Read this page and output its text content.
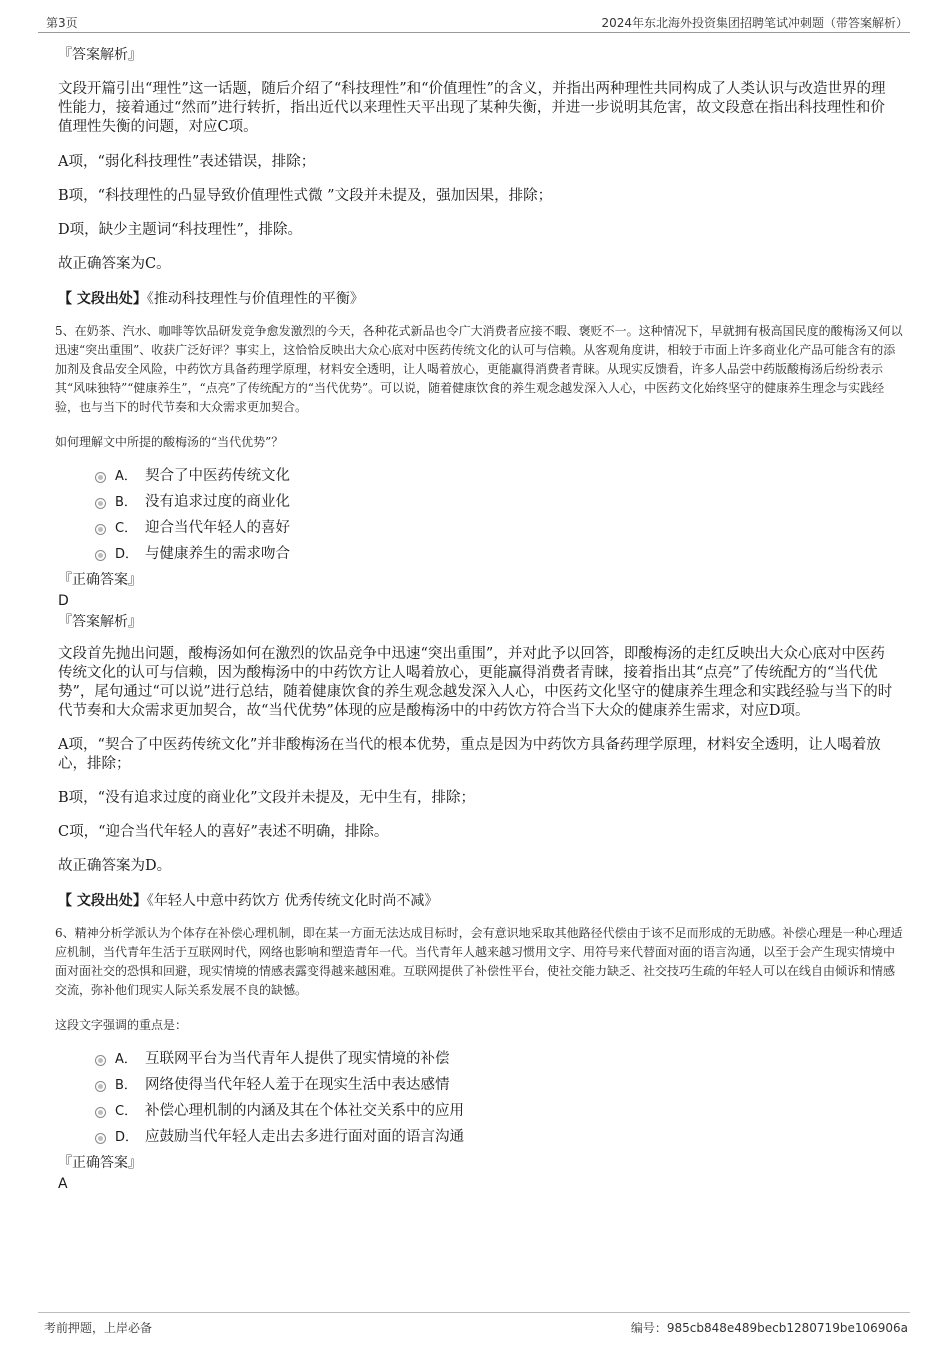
第3页	2024年东北海外投资集团招聘笔试冲刺题（带答案解析）
『答案解析』

文段开篇引出“理性”这一话题，随后介绍了“科技理性”和“价值理性”的含义，并指出两种理性共同构成了人类认识与改造世界的理性能力，接着通过“然而”进行转折，指出近代以来理性天平出现了某种失衡，并进一步说明其危害，故文段意在指出科技理性和价值理性失衡的问题，对应C项。

A项，“弱化科技理性”表述错误，排除；

B项，“科技理性的凸显导致价值理性式微 ”文段并未提及，强加因果，排除；

D项，缺少主题词“科技理性”，排除。

故正确答案为C。

【 文段出处】《推动科技理性与价值理性的平衡》

5、在奶茶、汽水、咖啡等饮品研发竞争愈发激烈的今天，各种花式新品也令广大消费者应接不暇、褒贬不一。这种情况下，早就拥有极高国民度的酸梅汤又何以迅速“突出重围”、收获广泛好评？事实上，这恰恰反映出大众心底对中医药传统文化的认可与信赖。从客观角度讲，相较于市面上许多商业化产品可能含有的添加剂及食品安全风险，中药饮方具备药理学原理，材料安全透明，让人喝着放心，更能赢得消费者青睐。从现实反馈看，许多人品尝中药版酸梅汤后纷纷表示其“风味独特”“健康养生”，“点亮”了传统配方的“当代优势”。可以说，随着健康饮食的养生观念越发深入人心，中医药文化始终坚守的健康养生理念与实践经验，也与当下的时代节奏和大众需求更加契合。

如何理解文中所提的酸梅汤的“当代优势”？

A． 契合了中医药传统文化
B． 没有追求过度的商业化
C． 迎合当代年轻人的喜好
D． 与健康养生的需求吻合
『正确答案』
D
『答案解析』

文段首先抛出问题，酸梅汤如何在激烈的饮品竞争中迅速“突出重围”，并对此予以回答，即酸梅汤的走红反映出大众心底对中医药传统文化的认可与信赖，因为酸梅汤中的中药饮方让人喝着放心，更能赢得消费者青睐，接着指出其“点亮”了传统配方的“当代优势”，尾句通过“可以说”进行总结，随着健康饮食的养生观念越发深入人心，中医药文化坚守的健康养生理念和实践经验与当下的时代节奏和大众需求更加契合，故“当代优势”体现的应是酸梅汤中的中药饮方符合当下大众的健康养生需求，对应D项。

A项，“契合了中医药传统文化”并非酸梅汤在当代的根本优势，重点是因为中药饮方具备药理学原理，材料安全透明，让人喝着放心，排除；

B项，“没有追求过度的商业化”文段并未提及，无中生有，排除；

C项，“迎合当代年轻人的喜好”表述不明确，排除。

故正确答案为D。

【 文段出处】《年轻人中意中药饮方 优秀传统文化时尚不减》

6、精神分析学派认为个体存在补偿心理机制，即在某一方面无法达成目标时，会有意识地采取其他路径代偿由于该不足而形成的无助感。补偿心理是一种心理适应机制，当代青年生活于互联网时代，网络也影响和塑造青年一代。当代青年人越来越习惯用文字、用符号来代替面对面的语言沟通，以至于会产生现实情境中面对面社交的恐惧和回避，现实情境的情感表露变得越来越困难。互联网提供了补偿性平台，使社交能力缺乏、社交技巧生疏的年轻人可以在线自由倾诉和情感交流，弥补他们现实人际关系发展不良的缺憾。

这段文字强调的重点是：

A． 互联网平台为当代青年人提供了现实情境的补偿
B． 网络使得当代年轻人羞于在现实生活中表达感情
C． 补偿心理机制的内涵及其在个体社交关系中的应用
D． 应鼓励当代年轻人走出去多进行面对面的语言沟通
『正确答案』
A
考前押题，上岸必备	编号：985cb848e489becb1280719be106906a
